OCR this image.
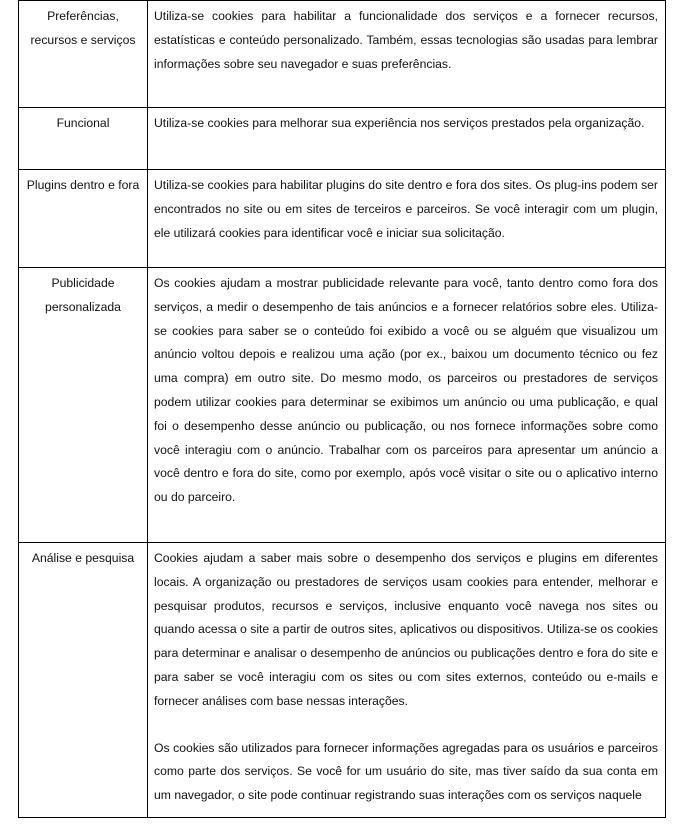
Preferências, recursos e serviços	Utiliza-se cookies para habilitar a funcionalidade dos serviços e a fornecer recursos, estatísticas e conteúdo personalizado. Também, essas tecnologias são usadas para lembrar informações sobre seu navegador e suas preferências.

Funcional	Utiliza-se cookies para melhorar sua experiência nos serviços prestados pela organização.

Plugins dentro e fora	Utiliza-se cookies para habilitar plugins do site dentro e fora dos sites. Os plug-ins podem ser encontrados no site ou em sites de terceiros e parceiros. Se você interagir com um plugin, ele utilizará cookies para identificar você e iniciar sua solicitação.

Publicidade personalizada	Os cookies ajudam a mostrar publicidade relevante para você, tanto dentro como fora dos serviços, a medir o desempenho de tais anúncios e a fornecer relatórios sobre eles. Utiliza-se cookies para saber se o conteúdo foi exibido a você ou se alguém que visualizou um anúncio voltou depois e realizou uma ação (por ex., baixou um documento técnico ou fez uma compra) em outro site. Do mesmo modo, os parceiros ou prestadores de serviços podem utilizar cookies para determinar se exibimos um anúncio ou uma publicação, e qual foi o desempenho desse anúncio ou publicação, ou nos fornece informações sobre como você interagiu com o anúncio. Trabalhar com os parceiros para apresentar um anúncio a você dentro e fora do site, como por exemplo, após você visitar o site ou o aplicativo interno ou do parceiro.

Análise e pesquisa	Cookies ajudam a saber mais sobre o desempenho dos serviços e plugins em diferentes locais. A organização ou prestadores de serviços usam cookies para entender, melhorar e pesquisar produtos, recursos e serviços, inclusive enquanto você navega nos sites ou quando acessa o site a partir de outros sites, aplicativos ou dispositivos. Utiliza-se os cookies para determinar e analisar o desempenho de anúncios ou publicações dentro e fora do site e para saber se você interagiu com os sites ou com sites externos, conteúdo ou e-mails e fornecer análises com base nessas interações.

Os cookies são utilizados para fornecer informações agregadas para os usuários e parceiros como parte dos serviços. Se você for um usuário do site, mas tiver saído da sua conta em um navegador, o site pode continuar registrando suas interações com os serviços naquele
